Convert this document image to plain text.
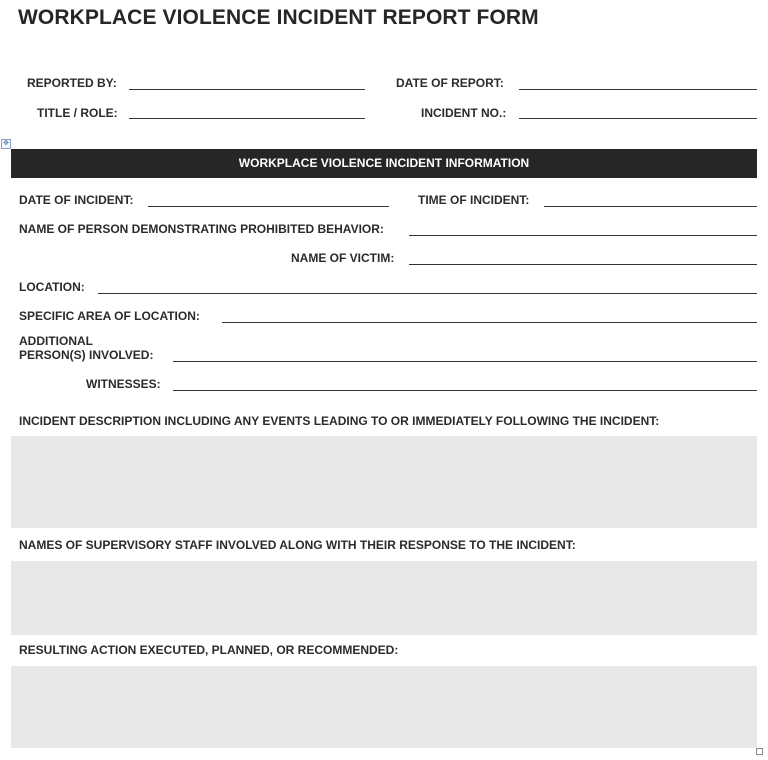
WORKPLACE VIOLENCE INCIDENT REPORT FORM
REPORTED BY:	DATE OF REPORT:
TITLE / ROLE:	INCIDENT NO.:
✥
WORKPLACE VIOLENCE INCIDENT INFORMATION
DATE OF INCIDENT:	TIME OF INCIDENT:
NAME OF PERSON DEMONSTRATING PROHIBITED BEHAVIOR:
NAME OF VICTIM:
LOCATION:
SPECIFIC AREA OF LOCATION:
ADDITIONAL
PERSON(S) INVOLVED:
WITNESSES:
INCIDENT DESCRIPTION INCLUDING ANY EVENTS LEADING TO OR IMMEDIATELY FOLLOWING THE INCIDENT:
NAMES OF SUPERVISORY STAFF INVOLVED ALONG WITH THEIR RESPONSE TO THE INCIDENT:
RESULTING ACTION EXECUTED, PLANNED, OR RECOMMENDED:
